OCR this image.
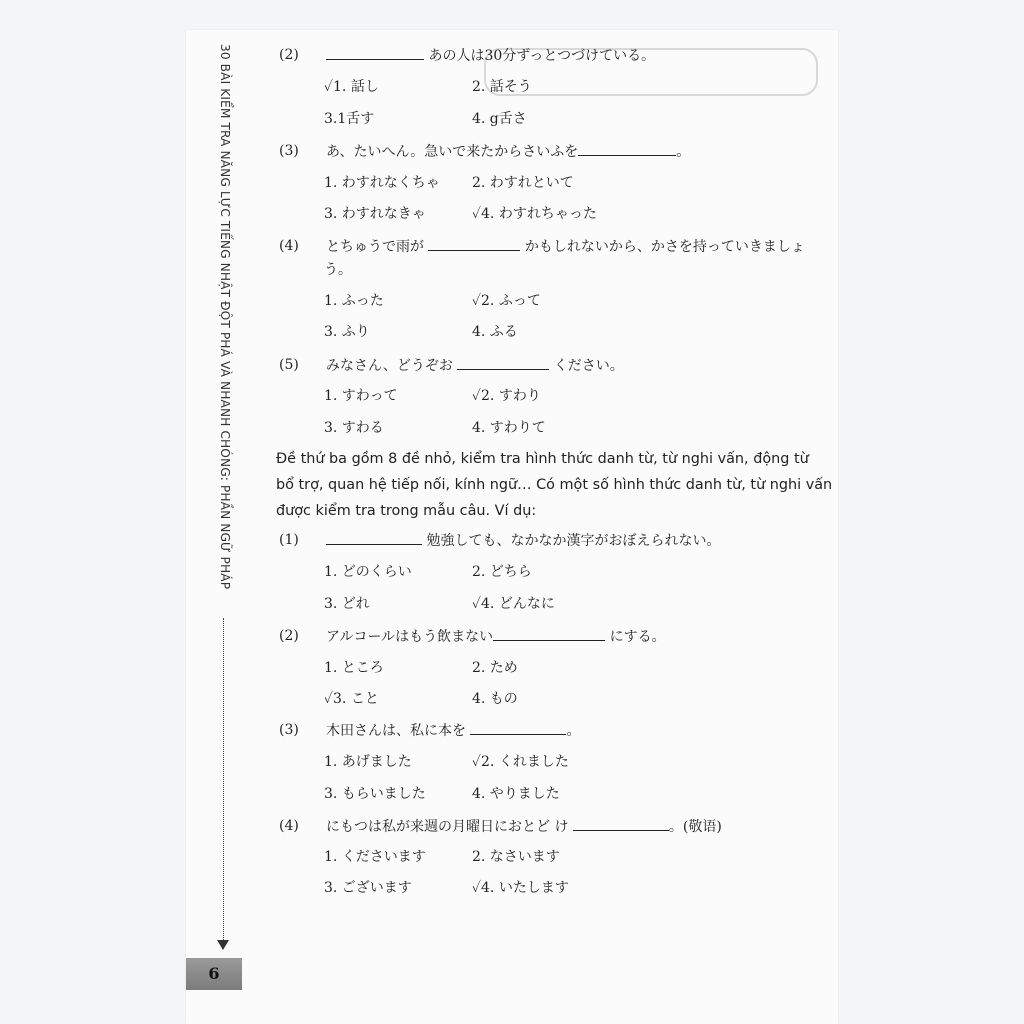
30 BÀI KIỂM TRA NĂNG LỰC TIẾNG NHẬT ĐỘT PHÁ VÀ NHANH CHÓNG: PHẦN NGỮ PHÁP
6
(2)	あの人は30分ずっとつづけている。
✓1. 話し	2. 話そう
3.1舌す	4. g舌さ
(3) あ、たいへん。急いで来たからさいふを	。
1. わすれなくちゃ 2. わすれといて
3. わすれなきゃ	✓4. わすれちゃった
(4) とちゅうで雨が	かもしれないから、かさを持っていきましょ
う。
1. ふった	✓2. ふって
3. ふり	4. ふる
(5) みなさん、どうぞお	ください。
1. すわって	✓2. すわり
3. すわる	4. すわりて
Đề thứ ba gồm 8 đề nhỏ, kiểm tra hình thức danh từ, từ nghi vấn, động từ
bổ trợ, quan hệ tiếp nối, kính ngữ… Có một số hình thức danh từ, từ nghi vấn
được kiểm tra trong mẫu câu. Ví dụ:
(1)	勉強しても、なかなか漢字がおぼえられない。
1. どのくらい	2. どちら
3. どれ	✓4. どんなに
(2) アルコールはもう飲まない	にする。
1. ところ	2. ため
✓3. こと	4. もの
(3) 木田さんは、私に本を	。
1. あげました	✓2. くれました
3. もらいました	4. やりました
(4) にもつは私が来週の月曜日におとど け	。(敬语)
1. くださいます	2. なさいます
3. ございます	✓4. いたします
